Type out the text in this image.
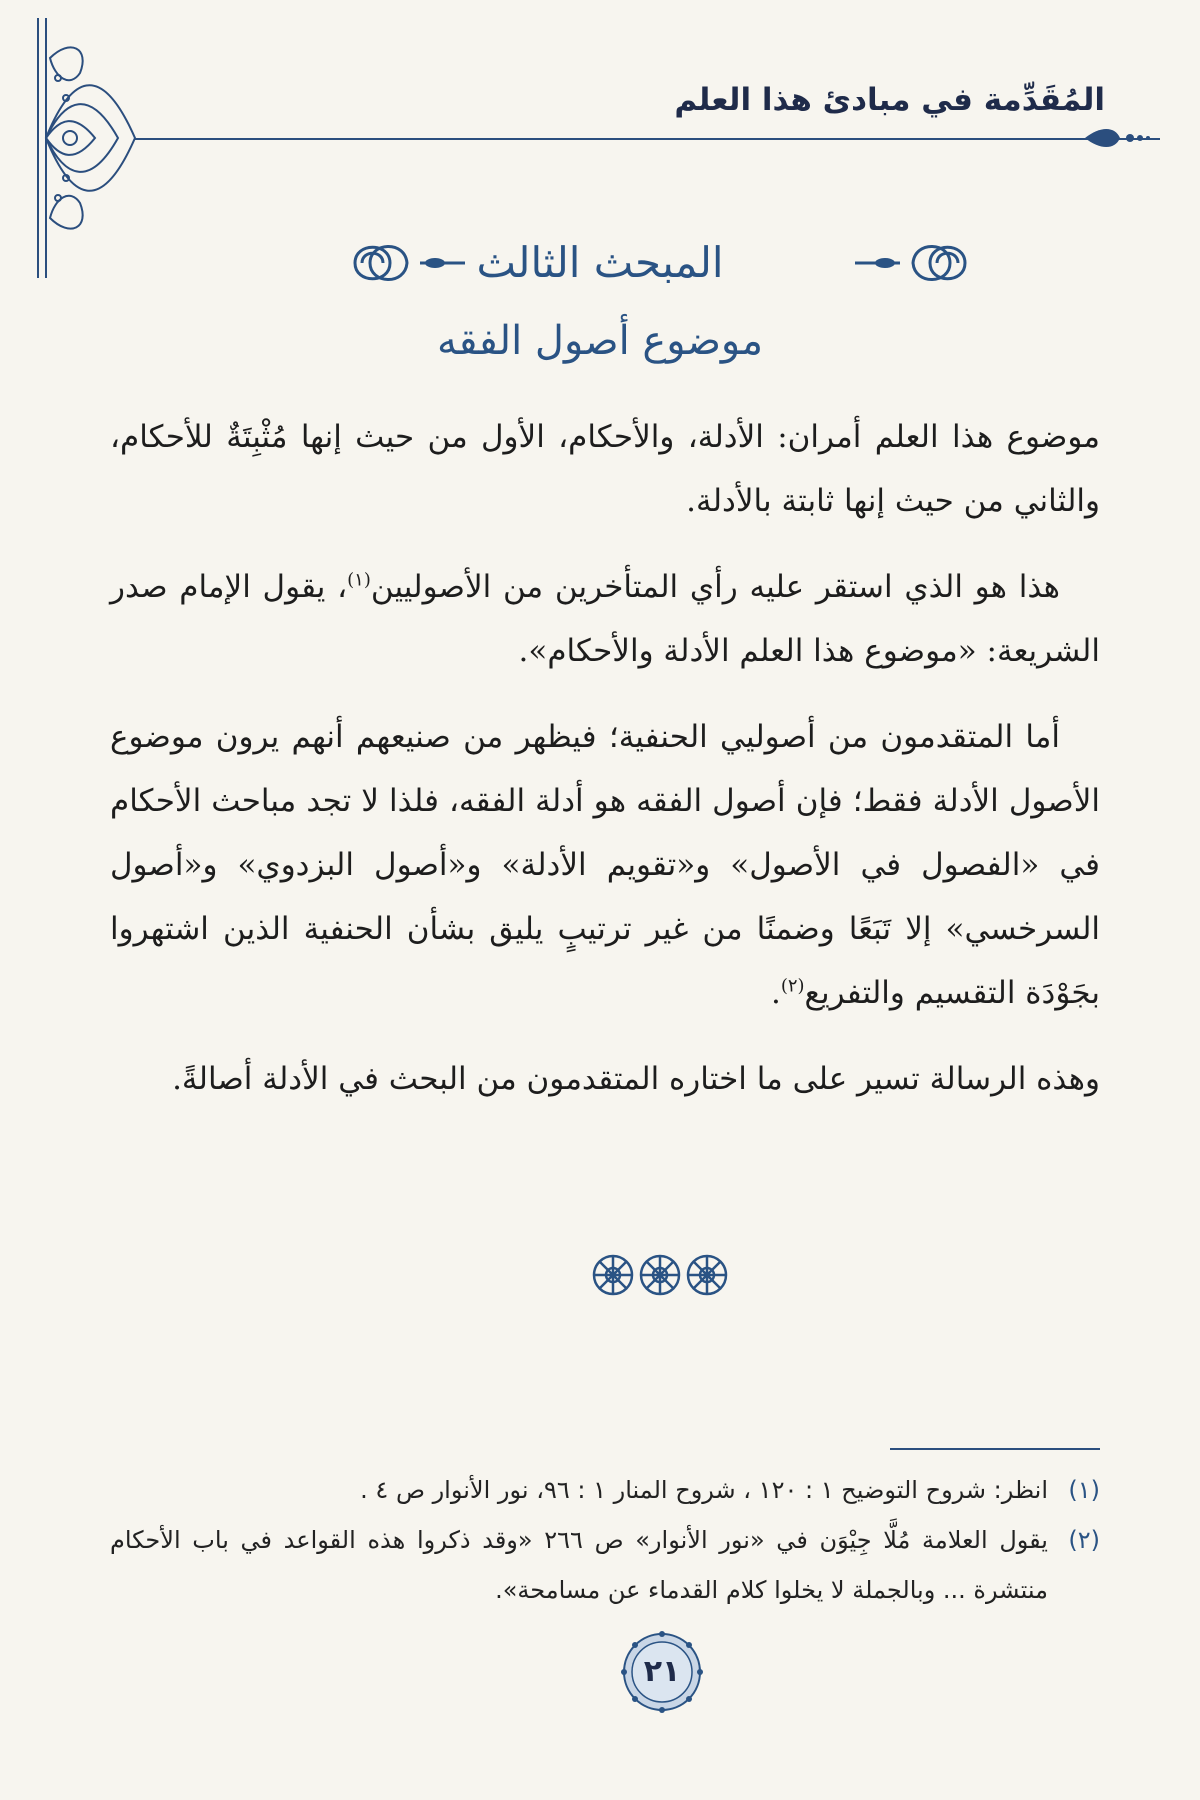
المُقَدِّمة في مبادئ هذا العلم
المبحث الثالث
موضوع أصول الفقه

موضوع هذا العلم أمران: الأدلة، والأحكام، الأول من حيث إنها مُثْبِتَةٌ للأحكام، والثاني من حيث إنها ثابتة بالأدلة.

هذا هو الذي استقر عليه رأي المتأخرين من الأصوليين$^{(١)}$، يقول الإمام صدر الشريعة: «موضوع هذا العلم الأدلة والأحكام».

أما المتقدمون من أصوليي الحنفية؛ فيظهر من صنيعهم أنهم يرون موضوع الأصول الأدلة فقط؛ فإن أصول الفقه هو أدلة الفقه، فلذا لا تجد مباحث الأحكام في «الفصول في الأصول» و«تقويم الأدلة» و«أصول البزدوي» و«أصول السرخسي» إلا تَبَعًا وضمنًا من غير ترتيبٍ يليق بشأن الحنفية الذين اشتهروا بجَوْدَة التقسيم والتفريع$^{(٢)}$.

وهذه الرسالة تسير على ما اختاره المتقدمون من البحث في الأدلة أصالةً.

(١)
انظر: شروح التوضيح ١ : ١٢٠ ، شروح المنار ١ : ٩٦، نور الأنوار ص ٤ .
(٢)
يقول العلامة مُلَّا جِيْوَن في «نور الأنوار» ص ٢٦٦ «وقد ذكروا هذه القواعد في باب الأحكام منتشرة ... وبالجملة لا يخلوا كلام القدماء عن مسامحة».
٢١
